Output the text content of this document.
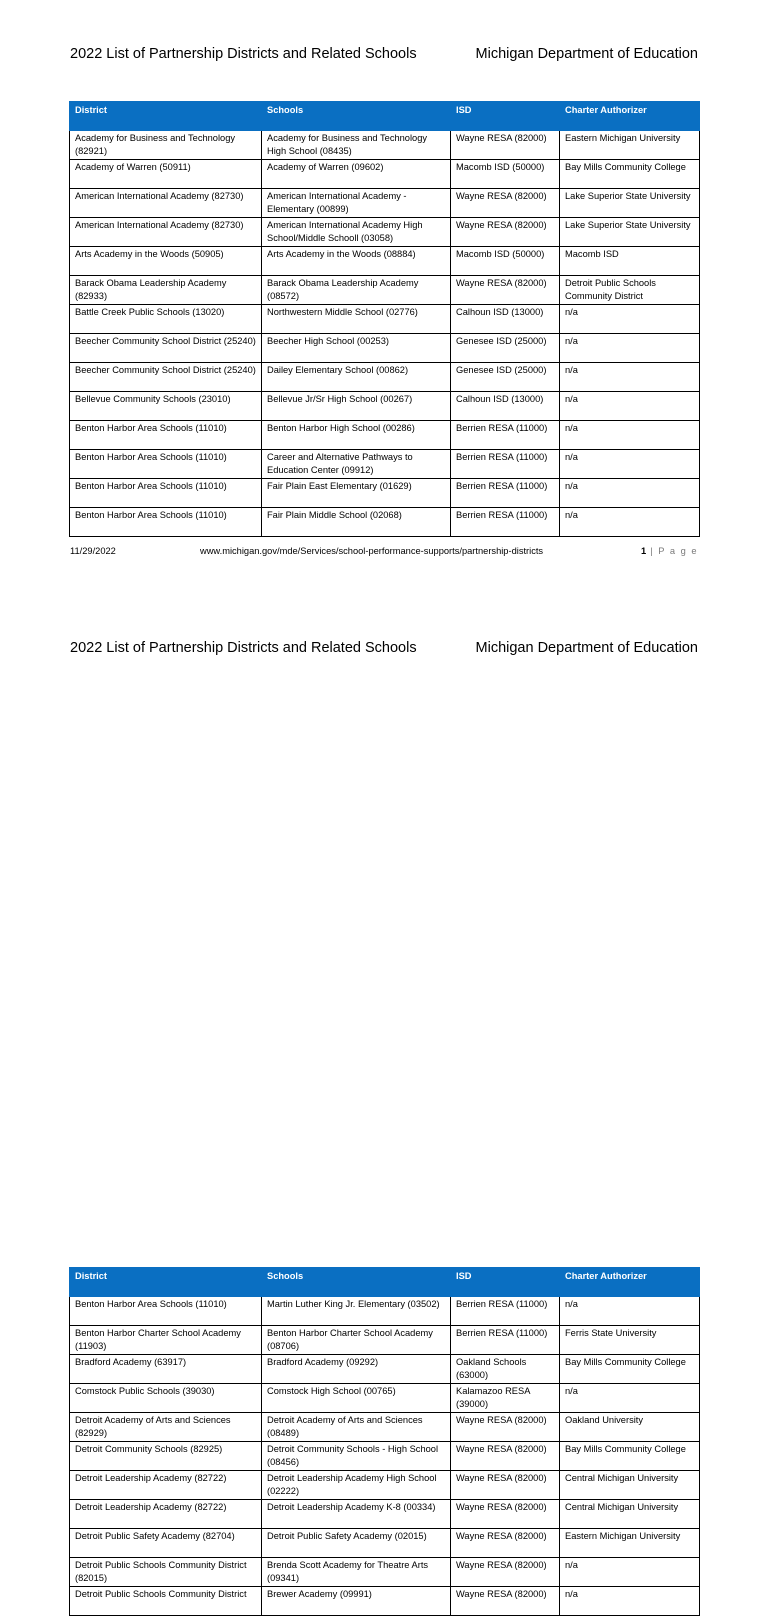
2022 List of Partnership Districts and Related Schools	Michigan Department of Education
District	Schools	ISD	Charter Authorizer
Academy for Business and Technology (82921)	Academy for Business and Technology High School (08435)	Wayne RESA (82000)	Eastern Michigan University
Academy of Warren (50911)	Academy of Warren (09602)	Macomb ISD (50000)	Bay Mills Community College
American International Academy (82730)	American International Academy - Elementary (00899)	Wayne RESA (82000)	Lake Superior State University
American International Academy (82730)	American International Academy High School/Middle Schooll (03058)	Wayne RESA (82000)	Lake Superior State University
Arts Academy in the Woods (50905)	Arts Academy in the Woods (08884)	Macomb ISD (50000)	Macomb ISD
Barack Obama Leadership Academy (82933)	Barack Obama Leadership Academy (08572)	Wayne RESA (82000)	Detroit Public Schools Community District
Battle Creek Public Schools (13020)	Northwestern Middle School (02776)	Calhoun ISD (13000)	n/a
Beecher Community School District (25240)	Beecher High School (00253)	Genesee ISD (25000)	n/a
Beecher Community School District (25240)	Dailey Elementary School (00862)	Genesee ISD (25000)	n/a
Bellevue Community Schools (23010)	Bellevue Jr/Sr High School (00267)	Calhoun ISD (13000)	n/a
Benton Harbor Area Schools (11010)	Benton Harbor High School (00286)	Berrien RESA (11000)	n/a
Benton Harbor Area Schools (11010)	Career and Alternative Pathways to Education Center (09912)	Berrien RESA (11000)	n/a
Benton Harbor Area Schools (11010)	Fair Plain East Elementary (01629)	Berrien RESA (11000)	n/a
Benton Harbor Area Schools (11010)	Fair Plain Middle School (02068)	Berrien RESA (11000)	n/a
11/29/2022	www.michigan.gov/mde/Services/school-performance-supports/partnership-districts	1 | P a g e
2022 List of Partnership Districts and Related Schools	Michigan Department of Education
District	Schools	ISD	Charter Authorizer
Benton Harbor Area Schools (11010)	Martin Luther King Jr. Elementary (03502)	Berrien RESA (11000)	n/a
Benton Harbor Charter School Academy (11903)	Benton Harbor Charter School Academy (08706)	Berrien RESA (11000)	Ferris State University
Bradford Academy (63917)	Bradford Academy (09292)	Oakland Schools (63000)	Bay Mills Community College
Comstock Public Schools (39030)	Comstock High School (00765)	Kalamazoo RESA (39000)	n/a
Detroit Academy of Arts and Sciences (82929)	Detroit Academy of Arts and Sciences (08489)	Wayne RESA (82000)	Oakland University
Detroit Community Schools (82925)	Detroit Community Schools - High School (08456)	Wayne RESA (82000)	Bay Mills Community College
Detroit Leadership Academy (82722)	Detroit Leadership Academy High School (02222)	Wayne RESA (82000)	Central Michigan University
Detroit Leadership Academy (82722)	Detroit Leadership Academy K-8 (00334)	Wayne RESA (82000)	Central Michigan University
Detroit Public Safety Academy (82704)	Detroit Public Safety Academy (02015)	Wayne RESA (82000)	Eastern Michigan University
Detroit Public Schools Community District (82015)	Brenda Scott Academy for Theatre Arts (09341)	Wayne RESA (82000)	n/a
Detroit Public Schools Community District	Brewer Academy (09991)	Wayne RESA (82000)	n/a
